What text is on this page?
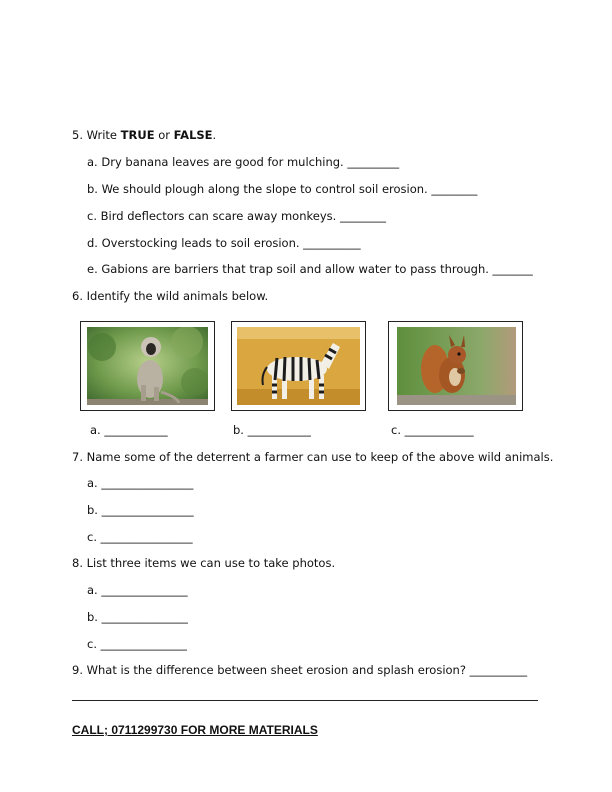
5. Write TRUE or FALSE.
a. Dry banana leaves are good for mulching. _________
b. We should plough along the slope to control soil erosion. ________
c. Bird deflectors can scare away monkeys. ________
d. Overstocking leads to soil erosion. __________
e. Gabions are barriers that trap soil and allow water to pass through. _______
6. Identify the wild animals below.
a. ___________	b. ___________	c. ____________
7. Name some of the deterrent a farmer can use to keep of the above wild animals.
a. ________________
b. ________________
c. ________________
8. List three items we can use to take photos.
a. _______________
b. _______________
c. _______________
9. What is the difference between sheet erosion and splash erosion? __________
CALL; 0711299730 FOR MORE MATERIALS
